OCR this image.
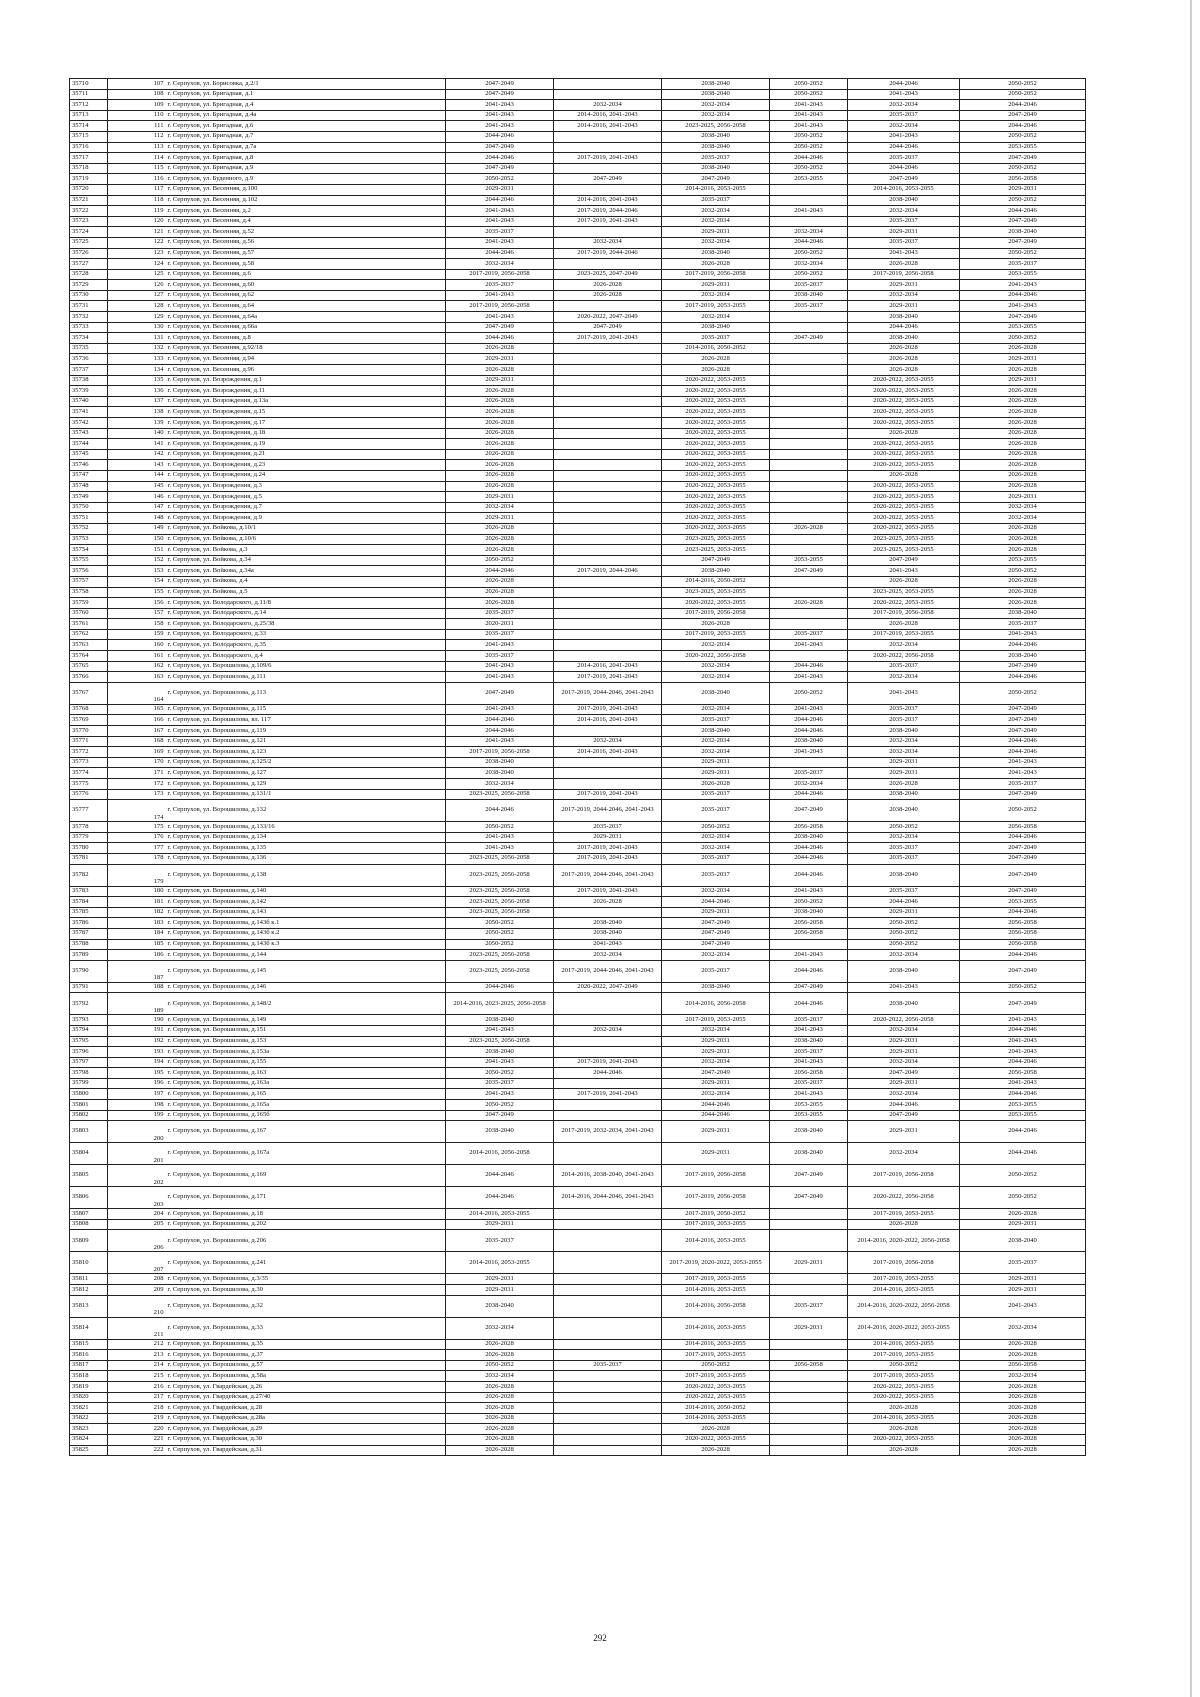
35710	107	г. Серпухов, ул. Борисовка, д.2/1	2047-2049		2038-2040	2050-2052	2044-2046	2050-2052
35711	108	г. Серпухов, ул. Бригадная, д.1	2047-2049		2038-2040	2050-2052	2041-2043	2050-2052
35712	109	г. Серпухов, ул. Бригадная, д.4	2041-2043	2032-2034	2032-2034	2041-2043	2032-2034	2044-2046
35713	110	г. Серпухов, ул. Бригадная, д.4а	2041-2043	2014-2016, 2041-2043	2032-2034	2041-2043	2035-2037	2047-2049
35714	111	г. Серпухов, ул. Бригадная, д.6	2041-2043	2014-2016, 2041-2043	2023-2025, 2056-2058	2041-2043	2032-2034	2044-2046
35715	112	г. Серпухов, ул. Бригадная, д.7	2044-2046		2038-2040	2050-2052	2041-2043	2050-2052
35716	113	г. Серпухов, ул. Бригадная, д.7а	2047-2049		2038-2040	2050-2052	2044-2046	2053-2055
35717	114	г. Серпухов, ул. Бригадная, д.8	2044-2046	2017-2019, 2041-2043	2035-2037	2044-2046	2035-2037	2047-2049
35718	115	г. Серпухов, ул. Бригадная, д.9	2047-2049		2038-2040	2050-2052	2044-2046	2050-2052
35719	116	г. Серпухов, ул. Буденного, д.9	2050-2052	2047-2049	2047-2049	2053-2055	2047-2049	2056-2058
35720	117	г. Серпухов, ул. Весенняя, д.100	2029-2031		2014-2016, 2053-2055		2014-2016, 2053-2055	2029-2031
35721	118	г. Серпухов, ул. Весенняя, д.102	2044-2046	2014-2016, 2041-2043	2035-2037		2038-2040	2050-2052
35722	119	г. Серпухов, ул. Весенняя, д.2	2041-2043	2017-2019, 2044-2046	2032-2034	2041-2043	2032-2034	2044-2046
35723	120	г. Серпухов, ул. Весенняя, д.4	2041-2043	2017-2019, 2041-2043	2032-2034		2035-2037	2047-2049
35724	121	г. Серпухов, ул. Весенняя, д.52	2035-2037		2029-2031	2032-2034	2029-2031	2038-2040
35725	122	г. Серпухов, ул. Весенняя, д.56	2041-2043	2032-2034	2032-2034	2044-2046	2035-2037	2047-2049
35726	123	г. Серпухов, ул. Весенняя, д.57	2044-2046	2017-2019, 2044-2046	2038-2040	2050-2052	2041-2043	2050-2052
35727	124	г. Серпухов, ул. Весенняя, д.58	2032-2034		2026-2028	2032-2034	2026-2028	2035-2037
35728	125	г. Серпухов, ул. Весенняя, д.6	2017-2019, 2056-2058	2023-2025, 2047-2049	2017-2019, 2056-2058	2050-2052	2017-2019, 2056-2058	2053-2055
35729	126	г. Серпухов, ул. Весенняя, д.60	2035-2037	2026-2028	2029-2031	2035-2037	2029-2031	2041-2043
35730	127	г. Серпухов, ул. Весенняя, д.62	2041-2043	2026-2028	2032-2034	2038-2040	2032-2034	2044-2046
35731	128	г. Серпухов, ул. Весенняя, д.64	2017-2019, 2056-2058		2017-2019, 2053-2055	2035-2037	2029-2031	2041-2043
35732	129	г. Серпухов, ул. Весенняя, д.64а	2041-2043	2020-2022, 2047-2049	2032-2034		2038-2040	2047-2049
35733	130	г. Серпухов, ул. Весенняя, д.66а	2047-2049	2047-2049	2038-2040		2044-2046	2053-2055
35734	131	г. Серпухов, ул. Весенняя, д.8	2044-2046	2017-2019, 2041-2043	2035-2037	2047-2049	2038-2040	2050-2052
35735	132	г. Серпухов, ул. Весенняя, д.92/18	2026-2028		2014-2016, 2050-2052		2026-2028	2026-2028
35736	133	г. Серпухов, ул. Весенняя, д.94	2029-2031		2026-2028		2026-2028	2029-2031
35737	134	г. Серпухов, ул. Весенняя, д.96	2026-2028		2026-2028		2026-2028	2026-2028
35738	135	г. Серпухов, ул. Возрождения, д.1	2029-2031		2020-2022, 2053-2055		2020-2022, 2053-2055	2029-2031
35739	136	г. Серпухов, ул. Возрождения, д.11	2026-2028		2020-2022, 2053-2055		2020-2022, 2053-2055	2026-2028
35740	137	г. Серпухов, ул. Возрождения, д.13а	2026-2028		2020-2022, 2053-2055		2020-2022, 2053-2055	2026-2028
35741	138	г. Серпухов, ул. Возрождения, д.15	2026-2028		2020-2022, 2053-2055		2020-2022, 2053-2055	2026-2028
35742	139	г. Серпухов, ул. Возрождения, д.17	2026-2028		2020-2022, 2053-2055		2020-2022, 2053-2055	2026-2028
35743	140	г. Серпухов, ул. Возрождения, д.18	2026-2028		2020-2022, 2053-2055		2026-2028	2026-2028
35744	141	г. Серпухов, ул. Возрождения, д.19	2026-2028		2020-2022, 2053-2055		2020-2022, 2053-2055	2026-2028
35745	142	г. Серпухов, ул. Возрождения, д.21	2026-2028		2020-2022, 2053-2055		2020-2022, 2053-2055	2026-2028
35746	143	г. Серпухов, ул. Возрождения, д.23	2026-2028		2020-2022, 2053-2055		2020-2022, 2053-2055	2026-2028
35747	144	г. Серпухов, ул. Возрождения, д.24	2026-2028		2020-2022, 2053-2055		2026-2028	2026-2028
35748	145	г. Серпухов, ул. Возрождения, д.3	2026-2028		2020-2022, 2053-2055		2020-2022, 2053-2055	2026-2028
35749	146	г. Серпухов, ул. Возрождения, д.5	2029-2031		2020-2022, 2053-2055		2020-2022, 2053-2055	2029-2031
35750	147	г. Серпухов, ул. Возрождения, д.7	2032-2034		2020-2022, 2053-2055		2020-2022, 2053-2055	2032-2034
35751	148	г. Серпухов, ул. Возрождения, д.9	2029-2031		2020-2022, 2053-2055		2020-2022, 2053-2055	2032-2034
35752	149	г. Серпухов, ул. Войкова, д.10/1	2026-2028		2020-2022, 2053-2055	2026-2028	2020-2022, 2053-2055	2026-2028
35753	150	г. Серпухов, ул. Войкова, д.10/6	2026-2028		2023-2025, 2053-2055		2023-2025, 2053-2055	2026-2028
35754	151	г. Серпухов, ул. Войкова, д.3	2026-2028		2023-2025, 2053-2055		2023-2025, 2053-2055	2026-2028
35755	152	г. Серпухов, ул. Войкова, д.34	2050-2052		2047-2049	2053-2055	2047-2049	2053-2055
35756	153	г. Серпухов, ул. Войкова, д.34а	2044-2046	2017-2019, 2044-2046	2038-2040	2047-2049	2041-2043	2050-2052
35757	154	г. Серпухов, ул. Войкова, д.4	2026-2028		2014-2016, 2050-2052		2026-2028	2026-2028
35758	155	г. Серпухов, ул. Войкова, д.5	2026-2028		2023-2025, 2053-2055		2023-2025, 2053-2055	2026-2028
35759	156	г. Серпухов, ул. Володарского, д.11/8	2026-2028		2020-2022, 2053-2055	2026-2028	2020-2022, 2053-2055	2026-2028
35760	157	г. Серпухов, ул. Володарского, д.14	2035-2037		2017-2019, 2056-2058		2017-2019, 2056-2058	2038-2040
35761	158	г. Серпухов, ул. Володарского, д.25/38	2020-2031		2026-2028		2026-2028	2035-2037
35762	159	г. Серпухов, ул. Володарского, д.33	2035-2037		2017-2019, 2053-2055	2035-2037	2017-2019, 2053-2055	2041-2043
35763	160	г. Серпухов, ул. Володарского, д.35	2041-2043		2032-2034	2041-2043	2032-2034	2044-2046
35764	161	г. Серпухов, ул. Володарского, д.4	2035-2037		2020-2022, 2056-2058		2020-2022, 2056-2058	2038-2040
35765	162	г. Серпухов, ул. Ворошилова, д.109/6	2041-2043	2014-2016, 2041-2043	2032-2034	2044-2046	2035-2037	2047-2049
35766	163	г. Серпухов, ул. Ворошилова, д.111	2041-2043	2017-2019, 2041-2043	2032-2034	2041-2043	2032-2034	2044-2046
35767	164	г. Серпухов, ул. Ворошилова, д.113	2047-2049	2017-2019, 2044-2046, 2041-2043	2038-2040	2050-2052	2041-2043	2050-2052
35768	165	г. Серпухов, ул. Ворошилова, д.115	2041-2043	2017-2019, 2041-2043	2032-2034	2041-2043	2035-2037	2047-2049
35769	166	г. Серпухов, ул. Ворошилова, вл. 117	2044-2046	2014-2016, 2041-2043	2035-2037	2044-2046	2035-2037	2047-2049
35770	167	г. Серпухов, ул. Ворошилова, д.119	2044-2046		2038-2040	2044-2046	2038-2040	2047-2049
35771	168	г. Серпухов, ул. Ворошилова, д.121	2041-2043	2032-2034	2032-2034	2038-2040	2032-2034	2044-2046
35772	169	г. Серпухов, ул. Ворошилова, д.123	2017-2019, 2056-2058	2014-2016, 2041-2043	2032-2034	2041-2043	2032-2034	2044-2046
35773	170	г. Серпухов, ул. Ворошилова, д.125/2	2038-2040		2029-2031		2029-2031	2041-2043
35774	171	г. Серпухов, ул. Ворошилова, д.127	2038-2040		2029-2031	2035-2037	2029-2031	2041-2043
35775	172	г. Серпухов, ул. Ворошилова, д.129	2032-2034		2026-2028	2032-2034	2026-2028	2035-2037
35776	173	г. Серпухов, ул. Ворошилова, д.131/1	2023-2025, 2056-2058	2017-2019, 2041-2043	2035-2037	2044-2046	2038-2040	2047-2049
35777	174	г. Серпухов, ул. Ворошилова, д.132	2044-2046	2017-2019, 2044-2046, 2041-2043	2035-2037	2047-2049	2038-2040	2050-2052
35778	175	г. Серпухов, ул. Ворошилова, д.133/16	2050-2052	2035-2037	2050-2052	2056-2058	2050-2052	2056-2058
35779	176	г. Серпухов, ул. Ворошилова, д.134	2041-2043	2029-2031	2032-2034	2038-2040	2032-2034	2044-2046
35780	177	г. Серпухов, ул. Ворошилова, д.135	2041-2043	2017-2019, 2041-2043	2032-2034	2044-2046	2035-2037	2047-2049
35781	178	г. Серпухов, ул. Ворошилова, д.136	2023-2025, 2056-2058	2017-2019, 2041-2043	2035-2037	2044-2046	2035-2037	2047-2049
35782	179	г. Серпухов, ул. Ворошилова, д.138	2023-2025, 2056-2058	2017-2019, 2044-2046, 2041-2043	2035-2037	2044-2046	2038-2040	2047-2049
35783	180	г. Серпухов, ул. Ворошилова, д.140	2023-2025, 2056-2058	2017-2019, 2041-2043	2032-2034	2041-2043	2035-2037	2047-2049
35784	181	г. Серпухов, ул. Ворошилова, д.142	2023-2025, 2056-2058	2026-2028	2044-2046	2050-2052	2044-2046	2053-2055
35785	182	г. Серпухов, ул. Ворошилова, д.143	2023-2025, 2056-2058		2029-2031	2038-2040	2029-2031	2044-2046
35786	183	г. Серпухов, ул. Ворошилова, д.143б к.1	2050-2052	2038-2040	2047-2049	2056-2058	2050-2052	2056-2058
35787	184	г. Серпухов, ул. Ворошилова, д.143б к.2	2050-2052	2038-2040	2047-2049	2056-2058	2050-2052	2056-2058
35788	185	г. Серпухов, ул. Ворошилова, д.143б к.3	2050-2052	2041-2043	2047-2049		2050-2052	2056-2058
35789	186	г. Серпухов, ул. Ворошилова, д.144	2023-2025, 2056-2058	2032-2034	2032-2034	2041-2043	2032-2034	2044-2046
35790	187	г. Серпухов, ул. Ворошилова, д.145	2023-2025, 2056-2058	2017-2019, 2044-2046, 2041-2043	2035-2037	2044-2046	2038-2040	2047-2049
35791	188	г. Серпухов, ул. Ворошилова, д.146	2044-2046	2020-2022, 2047-2049	2038-2040	2047-2049	2041-2043	2050-2052
35792	189	г. Серпухов, ул. Ворошилова, д.148/2	2014-2016, 2023-2025, 2056-2058		2014-2016, 2056-2058	2044-2046	2038-2040	2047-2049
35793	190	г. Серпухов, ул. Ворошилова, д.149	2038-2040		2017-2019, 2053-2055	2035-2037	2020-2022, 2056-2058	2041-2043
35794	191	г. Серпухов, ул. Ворошилова, д.151	2041-2043	2032-2034	2032-2034	2041-2043	2032-2034	2044-2046
35795	192	г. Серпухов, ул. Ворошилова, д.153	2023-2025, 2056-2058		2029-2031	2038-2040	2029-2031	2041-2043
35796	193	г. Серпухов, ул. Ворошилова, д.153а	2038-2040		2029-2031	2035-2037	2029-2031	2041-2043
35797	194	г. Серпухов, ул. Ворошилова, д.155	2041-2043	2017-2019, 2041-2043	2032-2034	2041-2043	2032-2034	2044-2046
35798	195	г. Серпухов, ул. Ворошилова, д.163	2050-2052	2044-2046	2047-2049	2056-2058	2047-2049	2056-2058
35799	196	г. Серпухов, ул. Ворошилова, д.163а	2035-2037		2029-2031	2035-2037	2029-2031	2041-2043
35800	197	г. Серпухов, ул. Ворошилова, д.165	2041-2043	2017-2019, 2041-2043	2032-2034	2041-2043	2032-2034	2044-2046
35801	198	г. Серпухов, ул. Ворошилова, д.165а	2050-2052		2044-2046	2053-2055	2044-2046	2053-2055
35802	199	г. Серпухов, ул. Ворошилова, д.165б	2047-2049		2044-2046	2053-2055	2047-2049	2053-2055
35803	200	г. Серпухов, ул. Ворошилова, д.167	2038-2040	2017-2019, 2032-2034, 2041-2043	2029-2031	2038-2040	2029-2031	2044-2046
35804	201	г. Серпухов, ул. Ворошилова, д.167а	2014-2016, 2056-2058		2029-2031	2038-2040	2032-2034	2044-2046
35805	202	г. Серпухов, ул. Ворошилова, д.169	2044-2046	2014-2016, 2038-2040, 2041-2043	2017-2019, 2056-2058	2047-2049	2017-2019, 2056-2058	2050-2052
35806	203	г. Серпухов, ул. Ворошилова, д.171	2044-2046	2014-2016, 2044-2046, 2041-2043	2017-2019, 2056-2058	2047-2049	2020-2022, 2056-2058	2050-2052
35807	204	г. Серпухов, ул. Ворошилова, д.18	2014-2016, 2053-2055		2017-2019, 2050-2052		2017-2019, 2053-2055	2026-2028
35808	205	г. Серпухов, ул. Ворошилова, д.202	2029-2031		2017-2019, 2053-2055		2026-2028	2029-2031
35809	206	г. Серпухов, ул. Ворошилова, д.206	2035-2037		2014-2016, 2053-2055		2014-2016, 2020-2022, 2056-2058	2038-2040
35810	207	г. Серпухов, ул. Ворошилова, д.241	2014-2016, 2053-2055		2017-2019, 2020-2022, 2053-2055	2029-2031	2017-2019, 2056-2058	2035-2037
35811	208	г. Серпухов, ул. Ворошилова, д.3/35	2029-2031		2017-2019, 2053-2055		2017-2019, 2053-2055	2029-2031
35812	209	г. Серпухов, ул. Ворошилова, д.30	2029-2031		2014-2016, 2053-2055		2014-2016, 2053-2055	2029-2031
35813	210	г. Серпухов, ул. Ворошилова, д.32	2038-2040		2014-2016, 2056-2058	2035-2037	2014-2016, 2020-2022, 2056-2058	2041-2043
35814	211	г. Серпухов, ул. Ворошилова, д.33	2032-2034		2014-2016, 2053-2055	2029-2031	2014-2016, 2020-2022, 2053-2055	2032-2034
35815	212	г. Серпухов, ул. Ворошилова, д.35	2026-2028		2014-2016, 2053-2055		2014-2016, 2053-2055	2026-2028
35816	213	г. Серпухов, ул. Ворошилова, д.37	2026-2028		2017-2019, 2053-2055		2017-2019, 2053-2055	2026-2028
35817	214	г. Серпухов, ул. Ворошилова, д.57	2050-2052	2035-2037	2050-2052	2056-2058	2050-2052	2056-2058
35818	215	г. Серпухов, ул. Ворошилова, д.58а	2032-2034		2017-2019, 2053-2055		2017-2019, 2053-2055	2032-2034
35819	216	г. Серпухов, ул. Гвардейская, д.26	2026-2028		2020-2022, 2053-2055		2020-2022, 2053-2055	2026-2028
35820	217	г. Серпухов, ул. Гвардейская, д.27/40	2026-2028		2020-2022, 2053-2055		2020-2022, 2053-2055	2026-2028
35821	218	г. Серпухов, ул. Гвардейская, д.28	2026-2028		2014-2016, 2050-2052		2026-2028	2026-2028
35822	219	г. Серпухов, ул. Гвардейская, д.28а	2026-2028		2014-2016, 2053-2055		2014-2016, 2053-2055	2026-2028
35823	220	г. Серпухов, ул. Гвардейская, д.29	2026-2028		2026-2028		2026-2028	2026-2028
35824	221	г. Серпухов, ул. Гвардейская, д.30	2026-2028		2020-2022, 2053-2055		2020-2022, 2053-2055	2026-2028
35825	222	г. Серпухов, ул. Гвардейская, д.31	2026-2028		2026-2028		2026-2028	2026-2028
292
